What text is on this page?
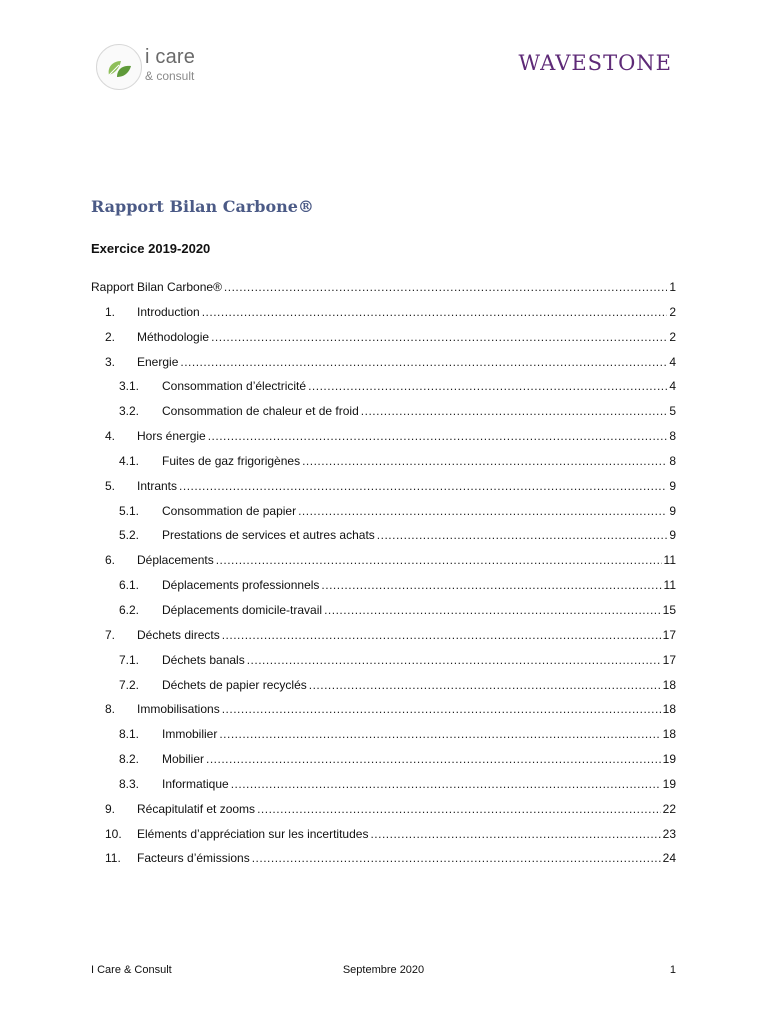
i care
& consult
WAVESTONE
Rapport Bilan Carbone®
Exercice 2019-2020
Rapport Bilan Carbone® .....	1
1.	Introduction .....	2
2.	Méthodologie .....	2
3.	Energie .....	4
3.1.	Consommation d’électricité .....	4
3.2.	Consommation de chaleur et de froid .....	5
4.	Hors énergie .....	8
4.1.	Fuites de gaz frigorigènes .....	8
5.	Intrants .....	9
5.1.	Consommation de papier .....	9
5.2.	Prestations de services et autres achats .....	9
6.	Déplacements .....	11
6.1.	Déplacements professionnels .....	11
6.2.	Déplacements domicile-travail .....	15
7.	Déchets directs .....	17
7.1.	Déchets banals .....	17
7.2.	Déchets de papier recyclés .....	18
8.	Immobilisations .....	18
8.1.	Immobilier .....	18
8.2.	Mobilier .....	19
8.3.	Informatique .....	19
9.	Récapitulatif et zooms .....	22
10.	Eléments d’appréciation sur les incertitudes .....	23
11.	Facteurs d’émissions .....	24
I Care & Consult	Septembre 2020	1
